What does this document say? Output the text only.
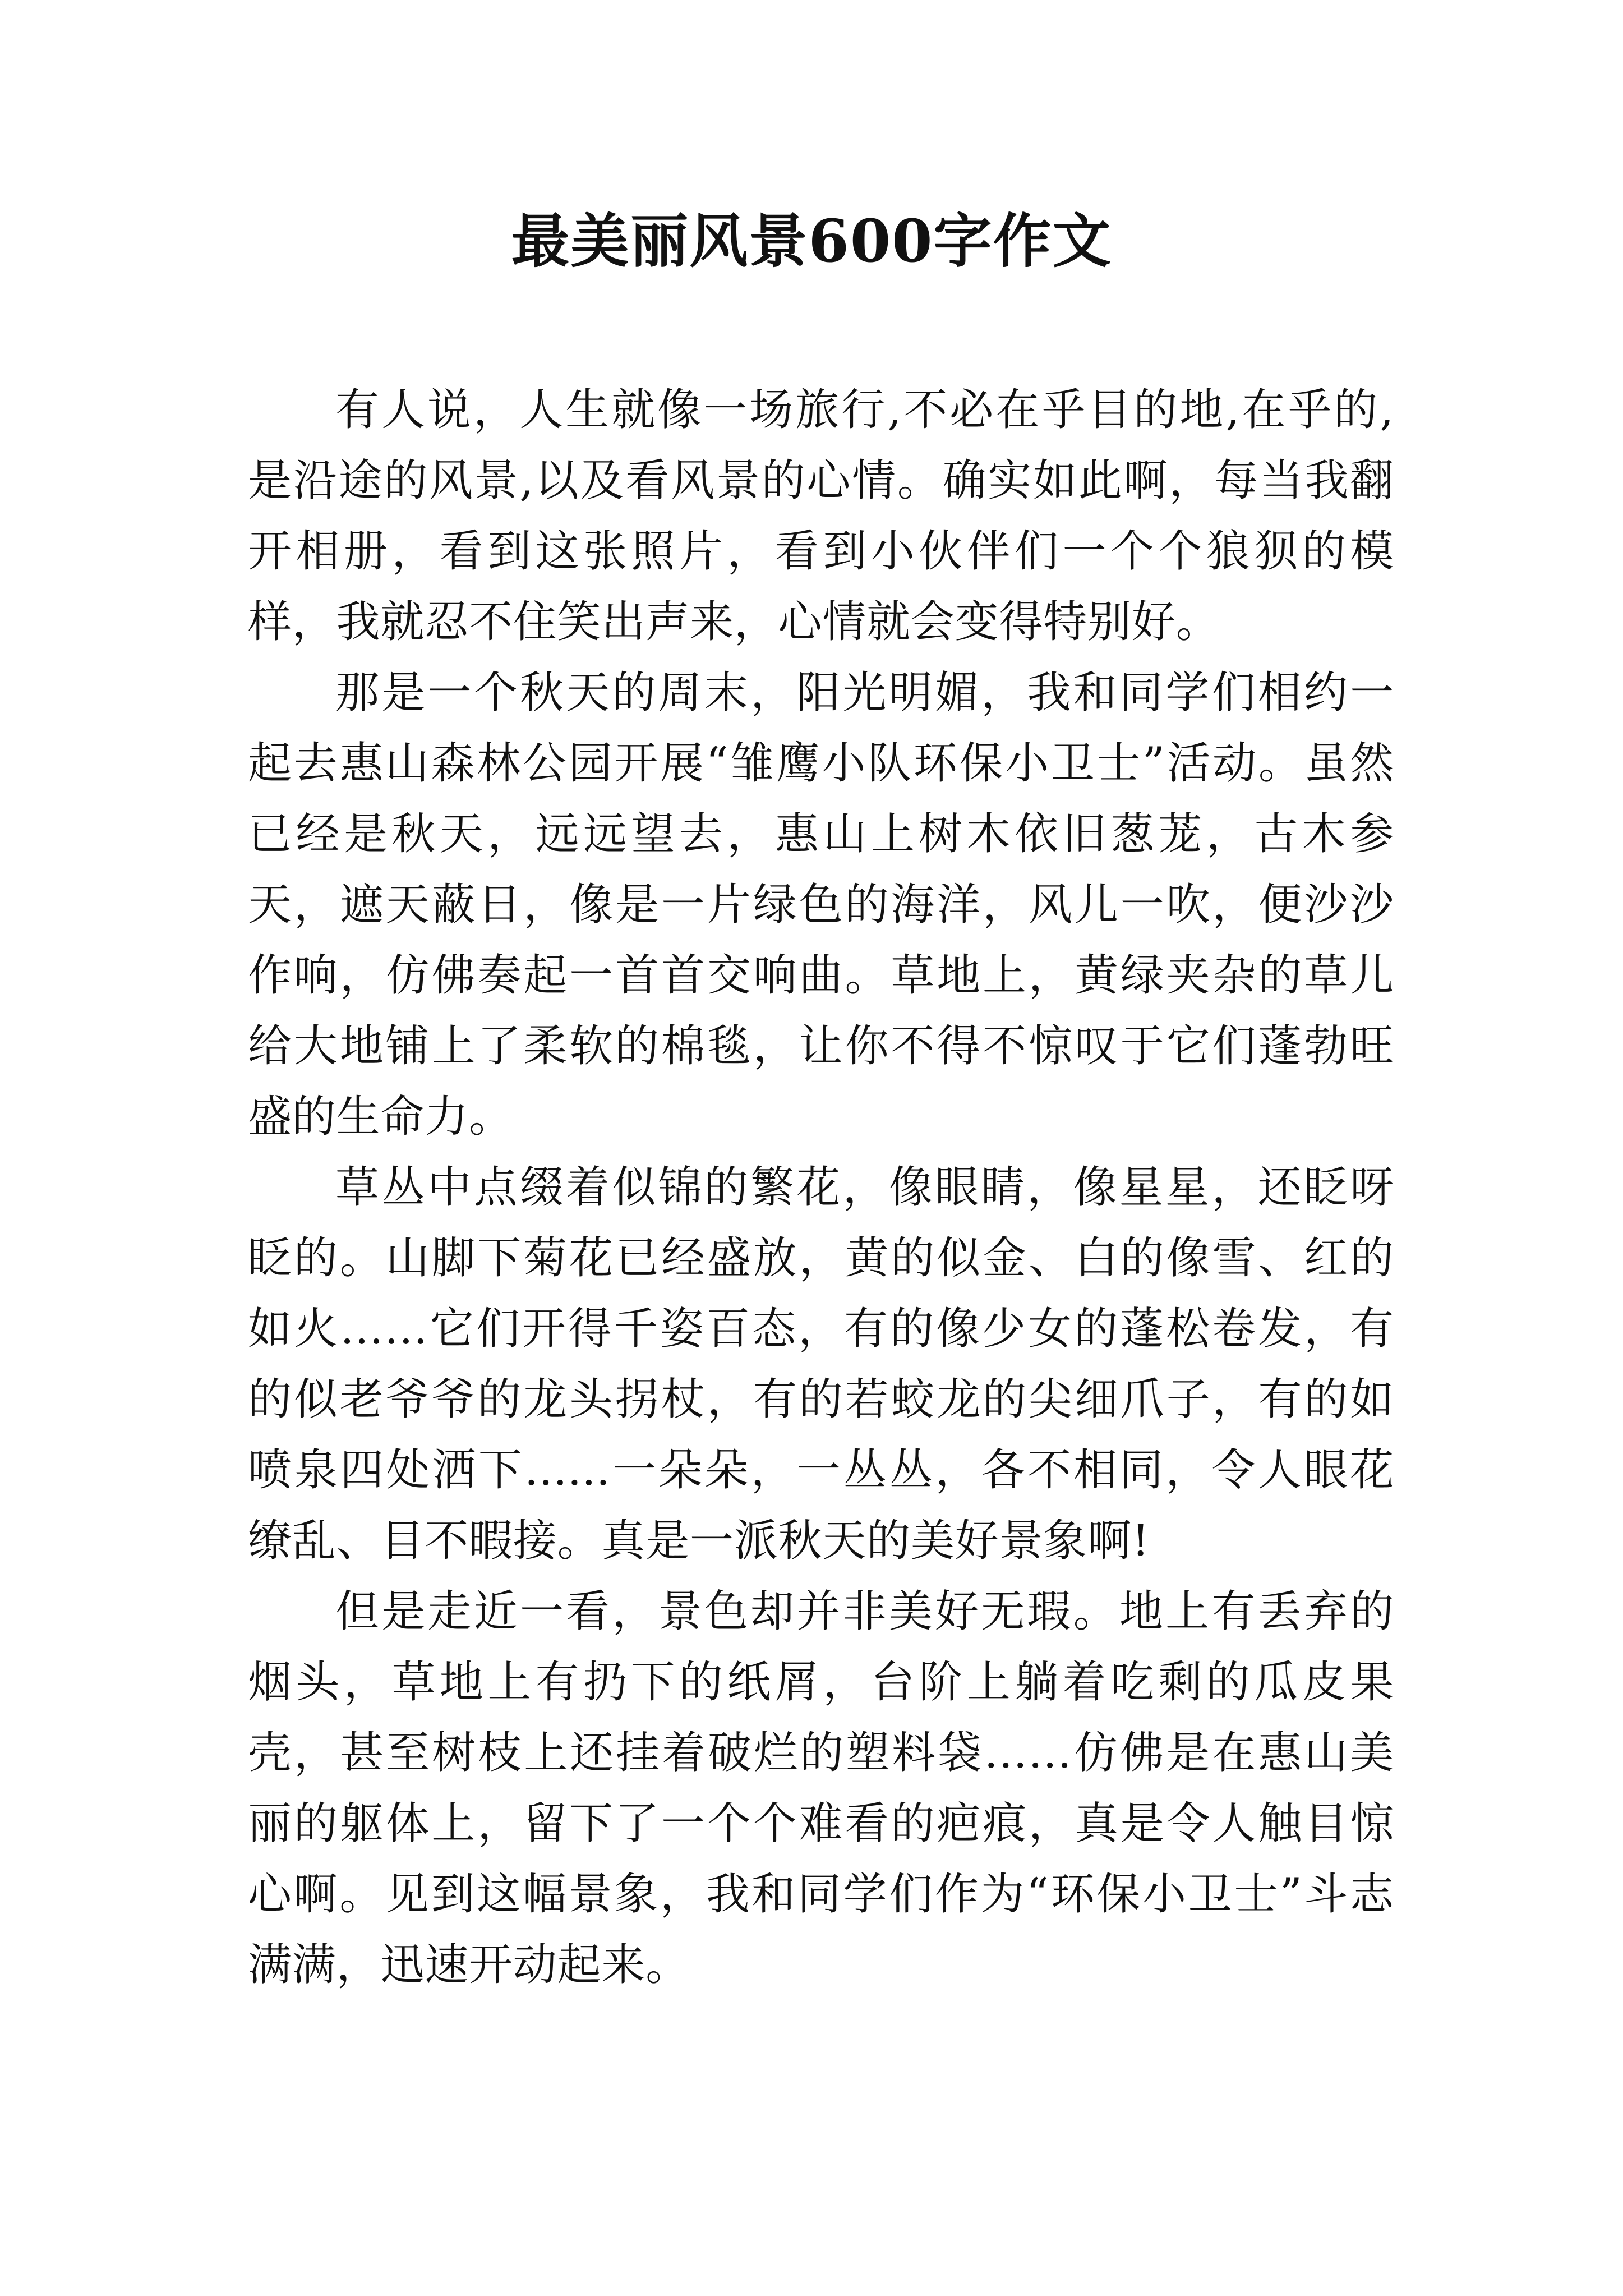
最美丽风景600字作文

有人说，人生就像一场旅行,不必在乎目的地,在乎的,是沿途的风景,以及看风景的心情。确实如此啊，每当我翻开相册，看到这张照片，看到小伙伴们一个个狼狈的模样，我就忍不住笑出声来，心情就会变得特别好。

那是一个秋天的周末，阳光明媚，我和同学们相约一起去惠山森林公园开展“雏鹰小队环保小卫士”活动。虽然已经是秋天，远远望去，惠山上树木依旧葱茏，古木参天，遮天蔽日，像是一片绿色的海洋，风儿一吹，便沙沙作响，仿佛奏起一首首交响曲。草地上，黄绿夹杂的草儿给大地铺上了柔软的棉毯，让你不得不惊叹于它们蓬勃旺盛的生命力。

草丛中点缀着似锦的繁花，像眼睛，像星星，还眨呀眨的。山脚下菊花已经盛放，黄的似金、白的像雪、红的如火……它们开得千姿百态，有的像少女的蓬松卷发，有的似老爷爷的龙头拐杖，有的若蛟龙的尖细爪子，有的如喷泉四处洒下......一朵朵，一丛丛，各不相同，令人眼花缭乱、目不暇接。真是一派秋天的美好景象啊!

但是走近一看，景色却并非美好无瑕。地上有丢弃的烟头，草地上有扔下的纸屑，台阶上躺着吃剩的瓜皮果壳，甚至树枝上还挂着破烂的塑料袋……仿佛是在惠山美丽的躯体上，留下了一个个难看的疤痕，真是令人触目惊心啊。见到这幅景象，我和同学们作为“环保小卫士”斗志满满，迅速开动起来。
